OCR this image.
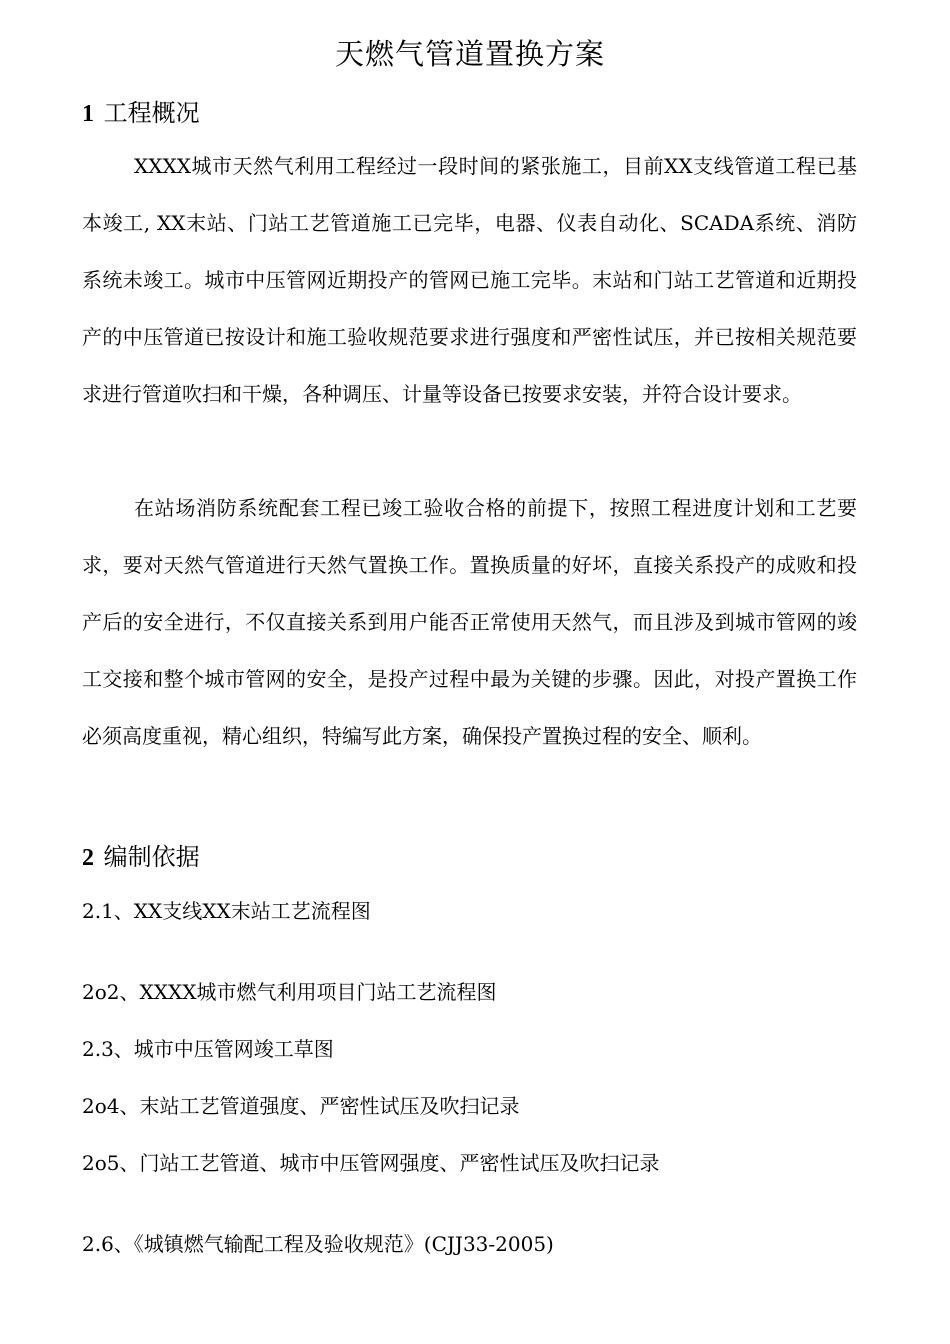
天燃气管道置换方案
1 工程概况

XXXX城市天然气利用工程经过一段时间的紧张施工，目前XX支线管道工程已基本竣工, XX末站、门站工艺管道施工已完毕，电器、仪表自动化、SCADA系统、消防系统未竣工。城市中压管网近期投产的管网已施工完毕。末站和门站工艺管道和近期投产的中压管道已按设计和施工验收规范要求进行强度和严密性试压，并已按相关规范要求进行管道吹扫和干燥，各种调压、计量等设备已按要求安装，并符合设计要求。

在站场消防系统配套工程已竣工验收合格的前提下，按照工程进度计划和工艺要求，要对天然气管道进行天然气置换工作。置换质量的好坏，直接关系投产的成败和投产后的安全进行，不仅直接关系到用户能否正常使用天然气，而且涉及到城市管网的竣工交接和整个城市管网的安全，是投产过程中最为关键的步骤。因此，对投产置换工作必须高度重视，精心组织，特编写此方案，确保投产置换过程的安全、顺利。

2 编制依据
2.1、XX支线XX末站工艺流程图
2o2、XXXX城市燃气利用项目门站工艺流程图
2.3、城市中压管网竣工草图
2o4、末站工艺管道强度、严密性试压及吹扫记录
2o5、门站工艺管道、城市中压管网强度、严密性试压及吹扫记录
2.6、《城镇燃气输配工程及验收规范》(CJJ33-2005)
